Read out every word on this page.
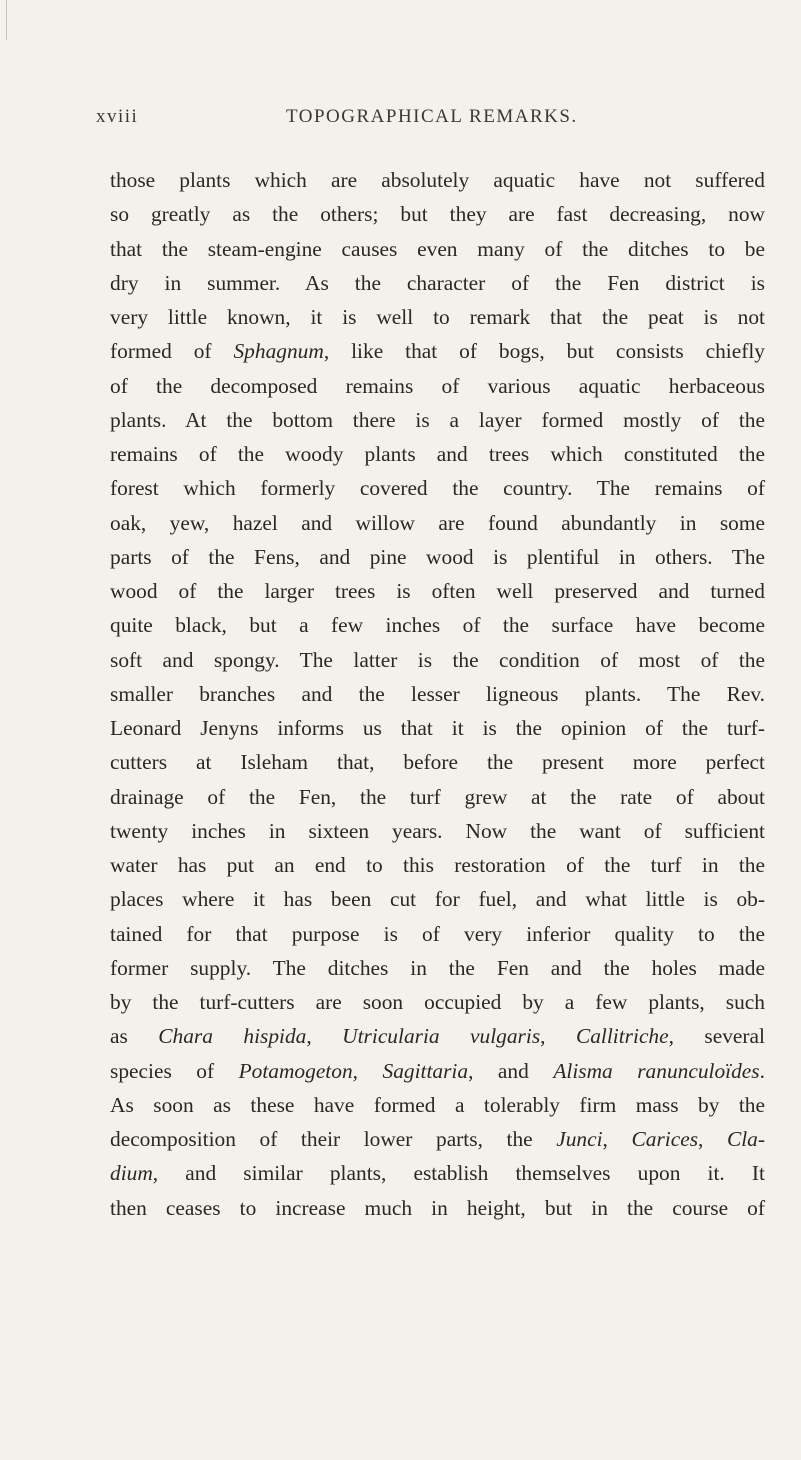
xviii	TOPOGRAPHICAL REMARKS.
those plants which are absolutely aquatic have not suffered
so greatly as the others; but they are fast decreasing, now
that the steam-engine causes even many of the ditches to be
dry in summer. As the character of the Fen district is
very little known, it is well to remark that the peat is not
formed of Sphagnum, like that of bogs, but consists chiefly
of the decomposed remains of various aquatic herbaceous
plants. At the bottom there is a layer formed mostly of the
remains of the woody plants and trees which constituted the
forest which formerly covered the country. The remains of
oak, yew, hazel and willow are found abundantly in some
parts of the Fens, and pine wood is plentiful in others. The
wood of the larger trees is often well preserved and turned
quite black, but a few inches of the surface have become
soft and spongy. The latter is the condition of most of the
smaller branches and the lesser ligneous plants. The Rev.
Leonard Jenyns informs us that it is the opinion of the turf-
cutters at Isleham that, before the present more perfect
drainage of the Fen, the turf grew at the rate of about
twenty inches in sixteen years. Now the want of sufficient
water has put an end to this restoration of the turf in the
places where it has been cut for fuel, and what little is ob-
tained for that purpose is of very inferior quality to the
former supply. The ditches in the Fen and the holes made
by the turf-cutters are soon occupied by a few plants, such
as Chara hispida, Utricularia vulgaris, Callitriche, several
species of Potamogeton, Sagittaria, and Alisma ranunculoïdes.
As soon as these have formed a tolerably firm mass by the
decomposition of their lower parts, the Junci, Carices, Cla-
dium, and similar plants, establish themselves upon it. It
then ceases to increase much in height, but in the course of
